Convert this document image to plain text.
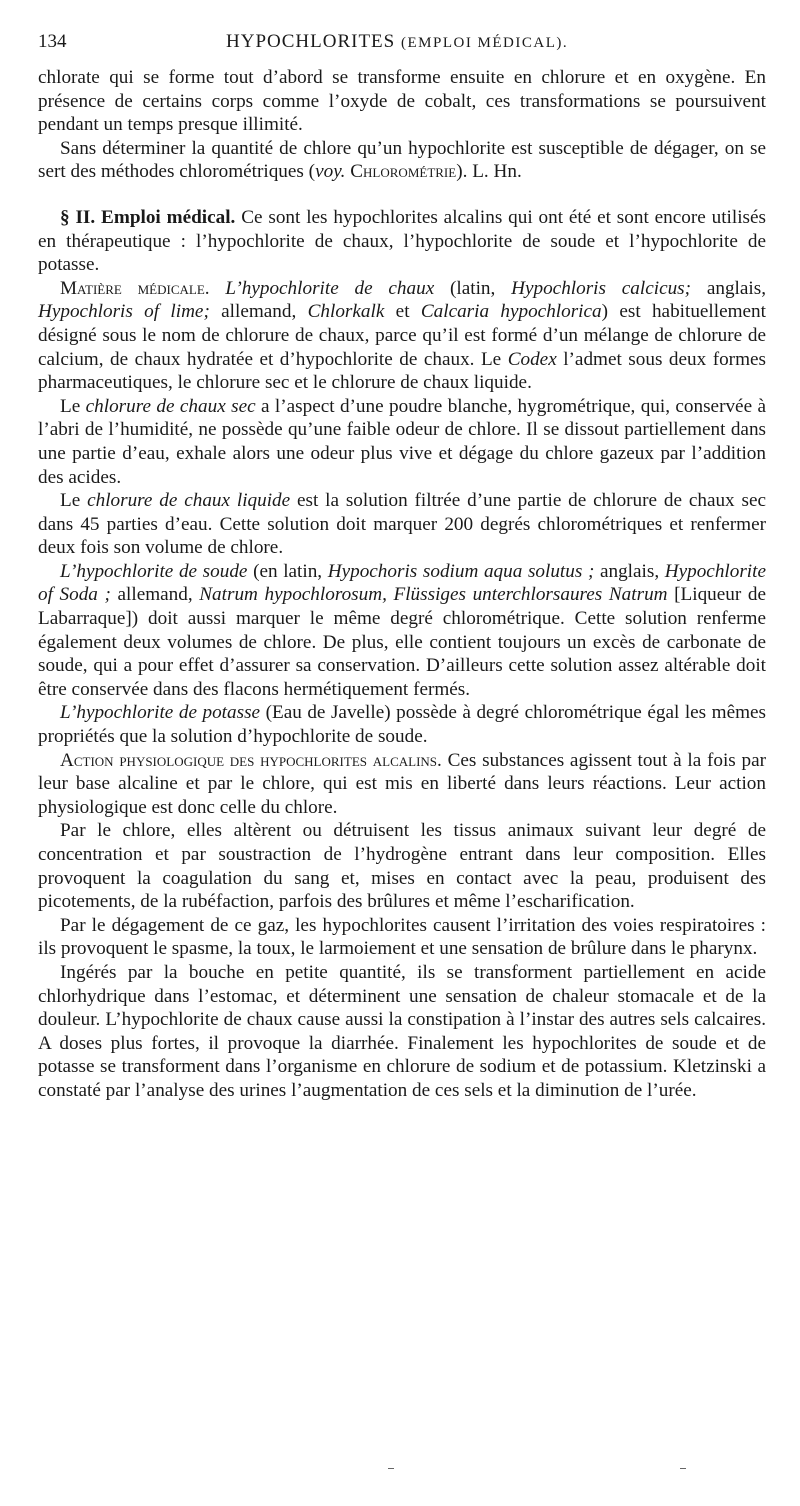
134	HYPOCHLORITES (EMPLOI MÉDICAL).

chlorate qui se forme tout d’abord se transforme ensuite en chlorure et en oxygène. En présence de certains corps comme l’oxyde de cobalt, ces transformations se poursuivent pendant un temps presque illimité.

Sans déterminer la quantité de chlore qu’un hypochlorite est susceptible de dégager, on se sert des méthodes chlorométriques (voy. Chlorométrie). L. Hn.

§ II. Emploi médical. Ce sont les hypochlorites alcalins qui ont été et sont encore utilisés en thérapeutique : l’hypochlorite de chaux, l’hypochlorite de soude et l’hypochlorite de potasse.

Matière médicale. L’hypochlorite de chaux (latin, Hypochloris calcicus; anglais, Hypochloris of lime; allemand, Chlorkalk et Calcaria hypochlorica) est habituellement désigné sous le nom de chlorure de chaux, parce qu’il est formé d’un mélange de chlorure de calcium, de chaux hydratée et d’hypochlorite de chaux. Le Codex l’admet sous deux formes pharmaceutiques, le chlorure sec et le chlorure de chaux liquide.

Le chlorure de chaux sec a l’aspect d’une poudre blanche, hygrométrique, qui, conservée à l’abri de l’humidité, ne possède qu’une faible odeur de chlore. Il se dissout partiellement dans une partie d’eau, exhale alors une odeur plus vive et dégage du chlore gazeux par l’addition des acides.

Le chlorure de chaux liquide est la solution filtrée d’une partie de chlorure de chaux sec dans 45 parties d’eau. Cette solution doit marquer 200 degrés chlorométriques et renfermer deux fois son volume de chlore.

L’hypochlorite de soude (en latin, Hypochoris sodium aqua solutus ; anglais, Hypochlorite of Soda ; allemand, Natrum hypochlorosum, Flüssiges unterchlorsaures Natrum [Liqueur de Labarraque]) doit aussi marquer le même degré chlorométrique. Cette solution renferme également deux volumes de chlore. De plus, elle contient toujours un excès de carbonate de soude, qui a pour effet d’assurer sa conservation. D’ailleurs cette solution assez altérable doit être conservée dans des flacons hermétiquement fermés.

L’hypochlorite de potasse (Eau de Javelle) possède à degré chlorométrique égal les mêmes propriétés que la solution d’hypochlorite de soude.

Action physiologique des hypochlorites alcalins. Ces substances agissent tout à la fois par leur base alcaline et par le chlore, qui est mis en liberté dans leurs réactions. Leur action physiologique est donc celle du chlore.

Par le chlore, elles altèrent ou détruisent les tissus animaux suivant leur degré de concentration et par soustraction de l’hydrogène entrant dans leur composition. Elles provoquent la coagulation du sang et, mises en contact avec la peau, produisent des picotements, de la rubéfaction, parfois des brûlures et même l’escharification.

Par le dégagement de ce gaz, les hypochlorites causent l’irritation des voies respiratoires : ils provoquent le spasme, la toux, le larmoiement et une sensation de brûlure dans le pharynx.

Ingérés par la bouche en petite quantité, ils se transforment partiellement en acide chlorhydrique dans l’estomac, et déterminent une sensation de chaleur stomacale et de la douleur. L’hypochlorite de chaux cause aussi la constipation à l’instar des autres sels calcaires. A doses plus fortes, il provoque la diarrhée. Finalement les hypochlorites de soude et de potasse se transforment dans l’organisme en chlorure de sodium et de potassium. Kletzinski a constaté par l’analyse des urines l’augmentation de ces sels et la diminution de l’urée.
